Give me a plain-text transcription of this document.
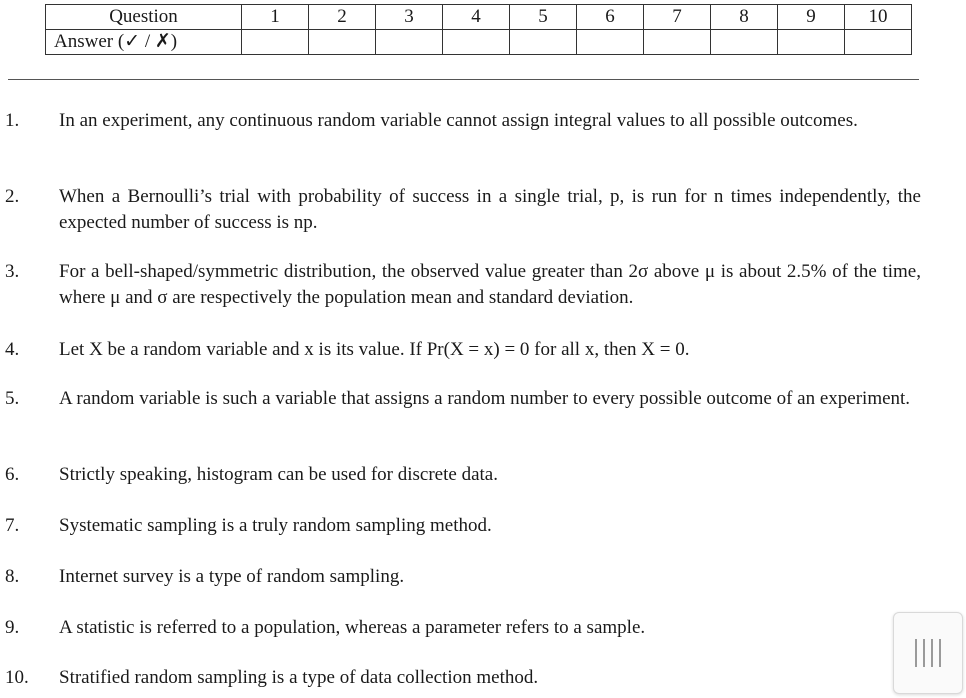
Question	1	2	3	4	5	6	7	8	9	10
Answer (✓ / ✗)										
1. In an experiment, any continuous random variable cannot assign integral values to all possible outcomes.
2. When a Bernoulli’s trial with probability of success in a single trial, p, is run for n times independently, the expected number of success is np.
3. For a bell-shaped/symmetric distribution, the observed value greater than 2σ above μ is about 2.5% of the time, where μ and σ are respectively the population mean and standard deviation.
4. Let X be a random variable and x is its value. If Pr(X = x) = 0 for all x, then X = 0.
5. A random variable is such a variable that assigns a random number to every possible outcome of an experiment.
6. Strictly speaking, histogram can be used for discrete data.
7. Systematic sampling is a truly random sampling method.
8. Internet survey is a type of random sampling.
9. A statistic is referred to a population, whereas a parameter refers to a sample.
10. Stratified random sampling is a type of data collection method.
